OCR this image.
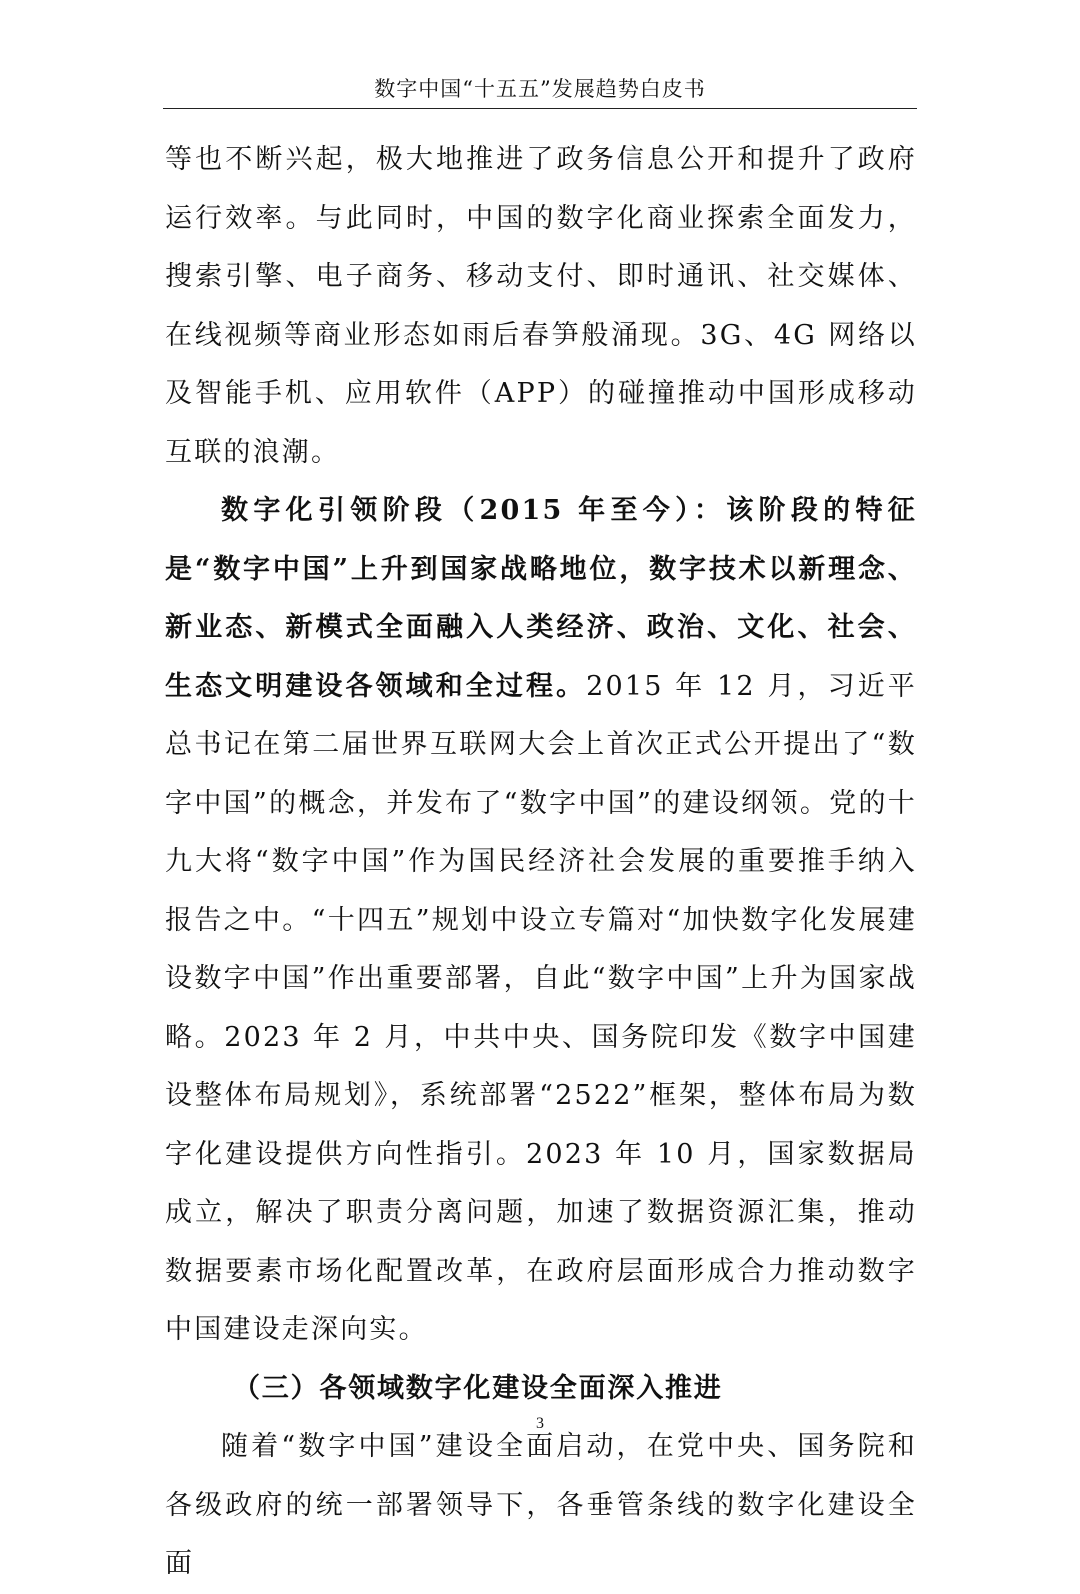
数字中国“十五五”发展趋势白皮书

等也不断兴起，极大地推进了政务信息公开和提升了政府运行效率。与此同时，中国的数字化商业探索全面发力，搜索引擎、电子商务、移动支付、即时通讯、社交媒体、在线视频等商业形态如雨后春笋般涌现。3G、4G 网络以及智能手机、应用软件（APP）的碰撞推动中国形成移动互联的浪潮。

数字化引领阶段（2015 年至今）：该阶段的特征是“数字中国”上升到国家战略地位，数字技术以新理念、新业态、新模式全面融入人类经济、政治、文化、社会、生态文明建设各领域和全过程。2015 年 12 月，习近平总书记在第二届世界互联网大会上首次正式公开提出了“数字中国”的概念，并发布了“数字中国”的建设纲领。党的十九大将“数字中国”作为国民经济社会发展的重要推手纳入报告之中。“十四五”规划中设立专篇对“加快数字化发展建设数字中国”作出重要部署，自此“数字中国”上升为国家战略。2023 年 2 月，中共中央、国务院印发《数字中国建设整体布局规划》，系统部署“2522”框架，整体布局为数字化建设提供方向性指引。2023 年 10 月，国家数据局成立，解决了职责分离问题，加速了数据资源汇集，推动数据要素市场化配置改革，在政府层面形成合力推动数字中国建设走深向实。

（三）各领域数字化建设全面深入推进

随着“数字中国”建设全面启动，在党中央、国务院和各级政府的统一部署领导下，各垂管条线的数字化建设全面

3
